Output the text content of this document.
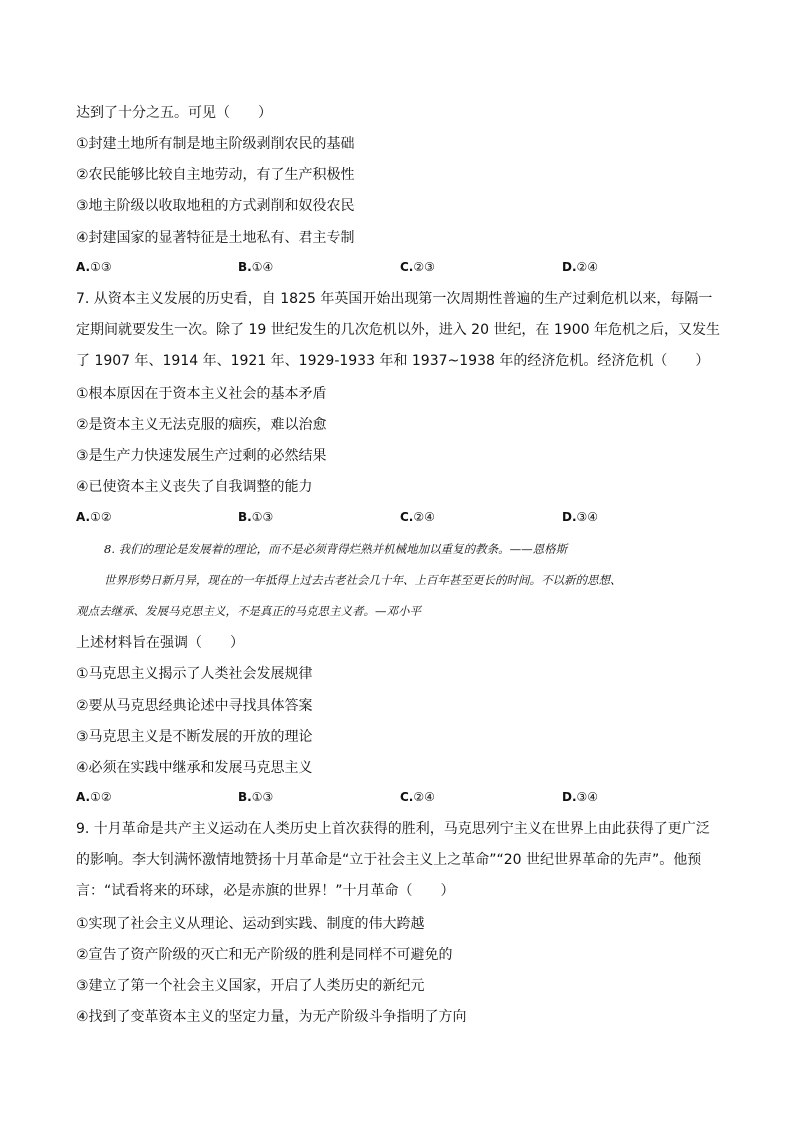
达到了十分之五。可见（　　）
①封建土地所有制是地主阶级剥削农民的基础
②农民能够比较自主地劳动，有了生产积极性
③地主阶级以收取地租的方式剥削和奴役农民
④封建国家的显著特征是土地私有、君主专制
A.①③	B.①④	C.②③	D.②④
7. 从资本主义发展的历史看，自 1825 年英国开始出现第一次周期性普遍的生产过剩危机以来，每隔一定期间就要发生一次。除了 19 世纪发生的几次危机以外，进入 20 世纪，在 1900 年危机之后，又发生了 1907 年、1914 年、1921 年、1929-1933 年和 1937~1938 年的经济危机。经济危机（　　）
①根本原因在于资本主义社会的基本矛盾
②是资本主义无法克服的痼疾，难以治愈
③是生产力快速发展生产过剩的必然结果
④已使资本主义丧失了自我调整的能力
A.①②	B.①③	C.②④	D.③④
8. 我们的理论是发展着的理论，而不是必须背得烂熟并机械地加以重复的教条。——恩格斯
世界形势日新月异，现在的一年抵得上过去古老社会几十年、上百年甚至更长的时间。不以新的思想、
观点去继承、发展马克思主义，不是真正的马克思主义者。—邓小平
上述材料旨在强调（　　）
①马克思主义揭示了人类社会发展规律
②要从马克思经典论述中寻找具体答案
③马克思主义是不断发展的开放的理论
④必须在实践中继承和发展马克思主义
A.①②	B.①③	C.②④	D.③④
9. 十月革命是共产主义运动在人类历史上首次获得的胜利，马克思列宁主义在世界上由此获得了更广泛的影响。李大钊满怀激情地赞扬十月革命是“立于社会主义上之革命”“20 世纪世界革命的先声”。他预言：“试看将来的环球，必是赤旗的世界！”十月革命（　　）
①实现了社会主义从理论、运动到实践、制度的伟大跨越
②宣告了资产阶级的灭亡和无产阶级的胜利是同样不可避免的
③建立了第一个社会主义国家，开启了人类历史的新纪元
④找到了变革资本主义的坚定力量，为无产阶级斗争指明了方向
